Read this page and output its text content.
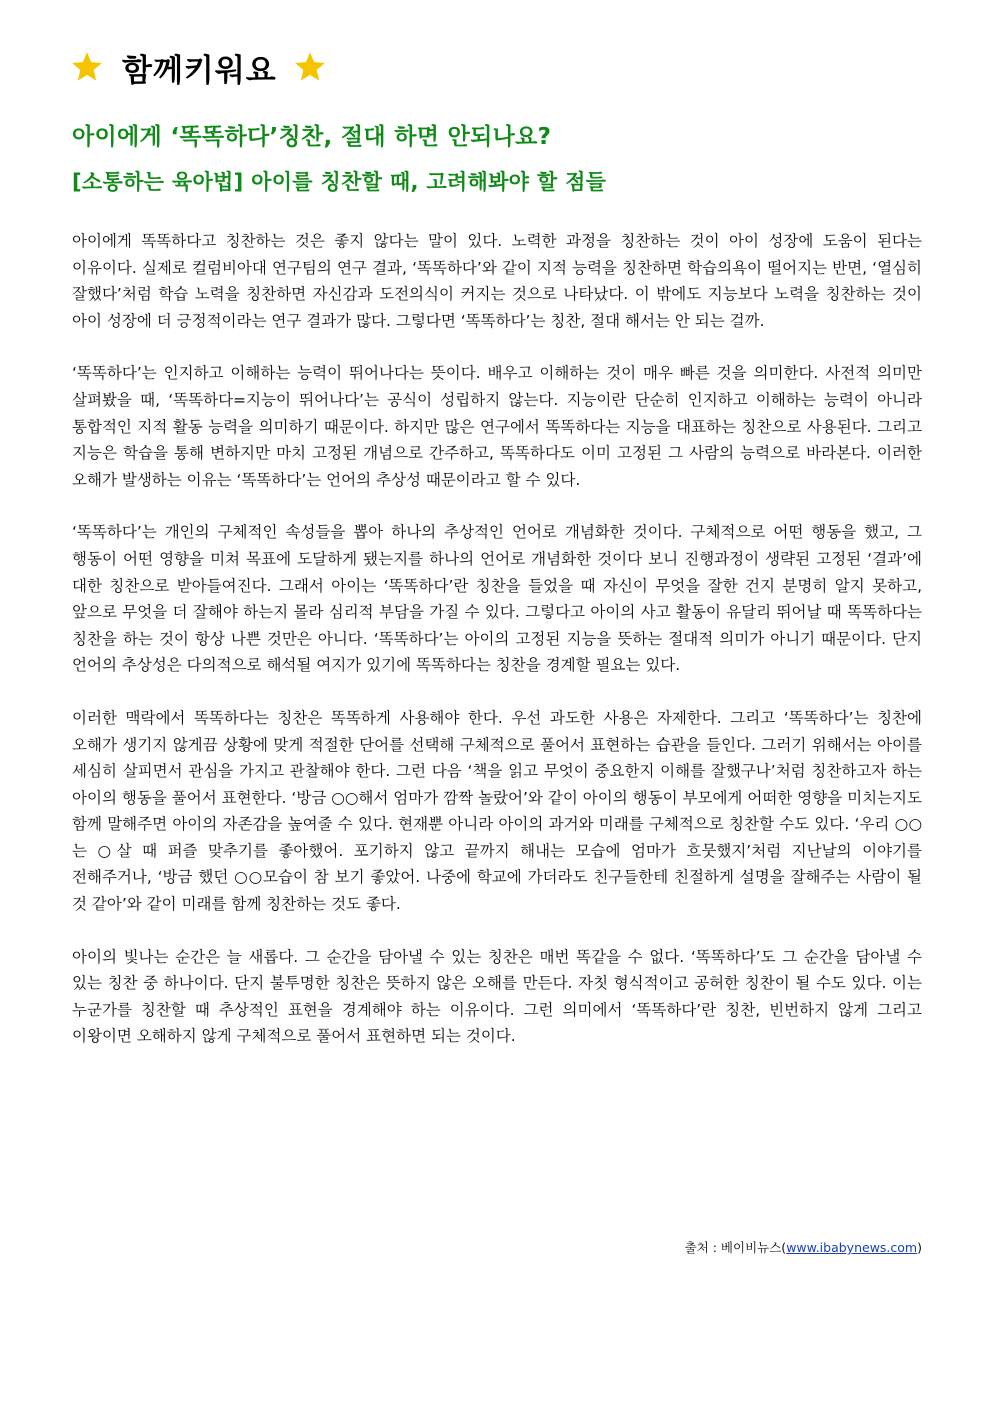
함께키워요
아이에게 ‘똑똑하다’칭찬, 절대 하면 안되나요?
[소통하는 육아법] 아이를 칭찬할 때, 고려해봐야 할 점들

아이에게 똑똑하다고 칭찬하는 것은 좋지 않다는 말이 있다. 노력한 과정을 칭찬하는 것이 아이 성장에 도움이 된다는 이유이다. 실제로 컬럼비아대 연구팀의 연구 결과, ‘똑똑하다’와 같이 지적 능력을 칭찬하면 학습의욕이 떨어지는 반면, ‘열심히 잘했다’처럼 학습 노력을 칭찬하면 자신감과 도전의식이 커지는 것으로 나타났다. 이 밖에도 지능보다 노력을 칭찬하는 것이 아이 성장에 더 긍정적이라는 연구 결과가 많다. 그렇다면 ‘똑똑하다’는 칭찬, 절대 해서는 안 되는 걸까.

‘똑똑하다’는 인지하고 이해하는 능력이 뛰어나다는 뜻이다. 배우고 이해하는 것이 매우 빠른 것을 의미한다. 사전적 의미만 살펴봤을 때, ‘똑똑하다=지능이 뛰어나다’는 공식이 성립하지 않는다. 지능이란 단순히 인지하고 이해하는 능력이 아니라 통합적인 지적 활동 능력을 의미하기 때문이다. 하지만 많은 연구에서 똑똑하다는 지능을 대표하는 칭찬으로 사용된다. 그리고 지능은 학습을 통해 변하지만 마치 고정된 개념으로 간주하고, 똑똑하다도 이미 고정된 그 사람의 능력으로 바라본다. 이러한 오해가 발생하는 이유는 ‘똑똑하다’는 언어의 추상성 때문이라고 할 수 있다.

‘똑똑하다’는 개인의 구체적인 속성들을 뽑아 하나의 추상적인 언어로 개념화한 것이다. 구체적으로 어떤 행동을 했고, 그 행동이 어떤 영향을 미쳐 목표에 도달하게 됐는지를 하나의 언어로 개념화한 것이다 보니 진행과정이 생략된 고정된 ‘결과’에 대한 칭찬으로 받아들여진다. 그래서 아이는 ‘똑똑하다’란 칭찬을 들었을 때 자신이 무엇을 잘한 건지 분명히 알지 못하고, 앞으로 무엇을 더 잘해야 하는지 몰라 심리적 부담을 가질 수 있다. 그렇다고 아이의 사고 활동이 유달리 뛰어날 때 똑똑하다는 칭찬을 하는 것이 항상 나쁜 것만은 아니다. ‘똑똑하다’는 아이의 고정된 지능을 뜻하는 절대적 의미가 아니기 때문이다. 단지 언어의 추상성은 다의적으로 해석될 여지가 있기에 똑똑하다는 칭찬을 경계할 필요는 있다.

이러한 맥락에서 똑똑하다는 칭찬은 똑똑하게 사용해야 한다. 우선 과도한 사용은 자제한다. 그리고 ‘똑똑하다’는 칭찬에 오해가 생기지 않게끔 상황에 맞게 적절한 단어를 선택해 구체적으로 풀어서 표현하는 습관을 들인다. 그러기 위해서는 아이를 세심히 살피면서 관심을 가지고 관찰해야 한다. 그런 다음 ‘책을 읽고 무엇이 중요한지 이해를 잘했구나’처럼 칭찬하고자 하는 아이의 행동을 풀어서 표현한다. ‘방금 ○○해서 엄마가 깜짝 놀랐어’와 같이 아이의 행동이 부모에게 어떠한 영향을 미치는지도 함께 말해주면 아이의 자존감을 높여줄 수 있다. 현재뿐 아니라 아이의 과거와 미래를 구체적으로 칭찬할 수도 있다. ‘우리 ○○는 ○살 때 퍼즐 맞추기를 좋아했어. 포기하지 않고 끝까지 해내는 모습에 엄마가 흐뭇했지’처럼 지난날의 이야기를 전해주거나, ‘방금 했던 ○○모습이 참 보기 좋았어. 나중에 학교에 가더라도 친구들한테 친절하게 설명을 잘해주는 사람이 될 것 같아’와 같이 미래를 함께 칭찬하는 것도 좋다.

아이의 빛나는 순간은 늘 새롭다. 그 순간을 담아낼 수 있는 칭찬은 매번 똑같을 수 없다. ‘똑똑하다’도 그 순간을 담아낼 수 있는 칭찬 중 하나이다. 단지 불투명한 칭찬은 뜻하지 않은 오해를 만든다. 자칫 형식적이고 공허한 칭찬이 될 수도 있다. 이는 누군가를 칭찬할 때 추상적인 표현을 경계해야 하는 이유이다. 그런 의미에서 ‘똑똑하다’란 칭찬, 빈번하지 않게 그리고 이왕이면 오해하지 않게 구체적으로 풀어서 표현하면 되는 것이다.

출처 : 베이비뉴스(www.ibabynews.com)
